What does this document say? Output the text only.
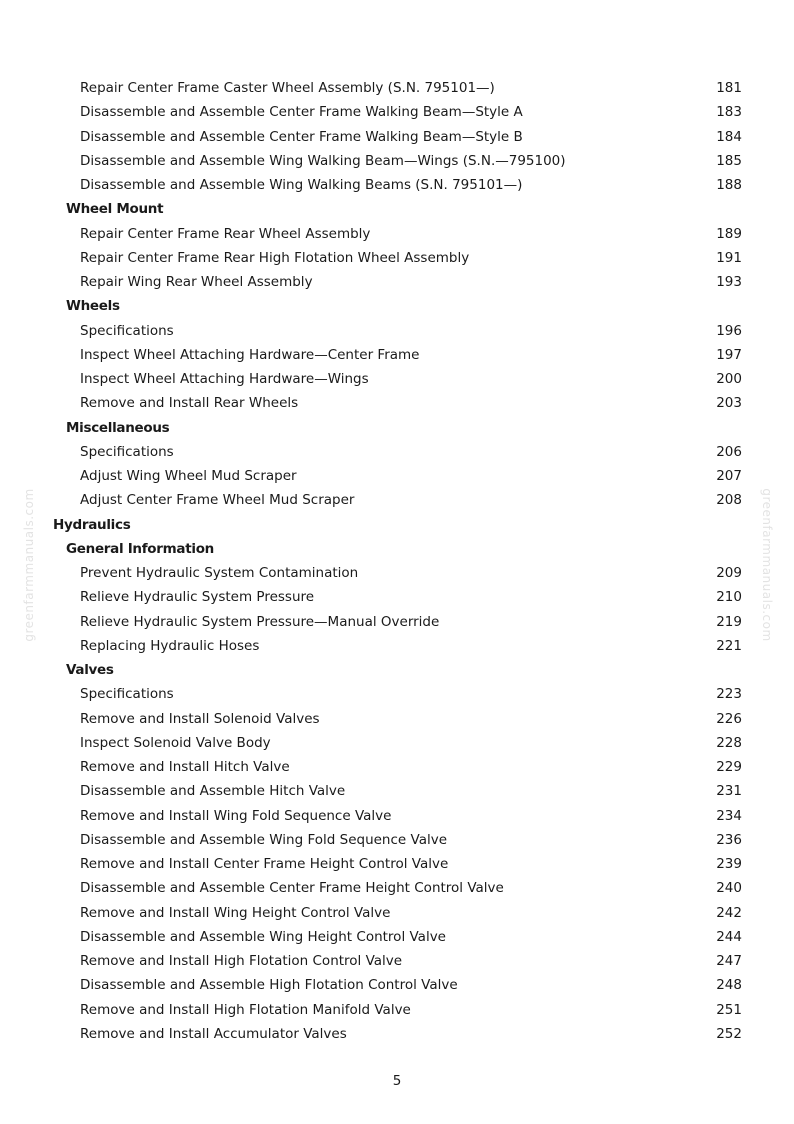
greenfarmmanuals.com	greenfarmmanuals.com
Repair Center Frame Caster Wheel Assembly (S.N. 795101—)	181
Disassemble and Assemble Center Frame Walking Beam—Style A	183
Disassemble and Assemble Center Frame Walking Beam—Style B	184
Disassemble and Assemble Wing Walking Beam—Wings (S.N.—795100)	185
Disassemble and Assemble Wing Walking Beams (S.N. 795101—)	188
Wheel Mount
Repair Center Frame Rear Wheel Assembly	189
Repair Center Frame Rear High Flotation Wheel Assembly	191
Repair Wing Rear Wheel Assembly	193
Wheels
Specifications	196
Inspect Wheel Attaching Hardware—Center Frame	197
Inspect Wheel Attaching Hardware—Wings	200
Remove and Install Rear Wheels	203
Miscellaneous
Specifications	206
Adjust Wing Wheel Mud Scraper	207
Adjust Center Frame Wheel Mud Scraper	208
Hydraulics
General Information
Prevent Hydraulic System Contamination	209
Relieve Hydraulic System Pressure	210
Relieve Hydraulic System Pressure—Manual Override	219
Replacing Hydraulic Hoses	221
Valves
Specifications	223
Remove and Install Solenoid Valves	226
Inspect Solenoid Valve Body	228
Remove and Install Hitch Valve	229
Disassemble and Assemble Hitch Valve	231
Remove and Install Wing Fold Sequence Valve	234
Disassemble and Assemble Wing Fold Sequence Valve	236
Remove and Install Center Frame Height Control Valve	239
Disassemble and Assemble Center Frame Height Control Valve	240
Remove and Install Wing Height Control Valve	242
Disassemble and Assemble Wing Height Control Valve	244
Remove and Install High Flotation Control Valve	247
Disassemble and Assemble High Flotation Control Valve	248
Remove and Install High Flotation Manifold Valve	251
Remove and Install Accumulator Valves	252
5
